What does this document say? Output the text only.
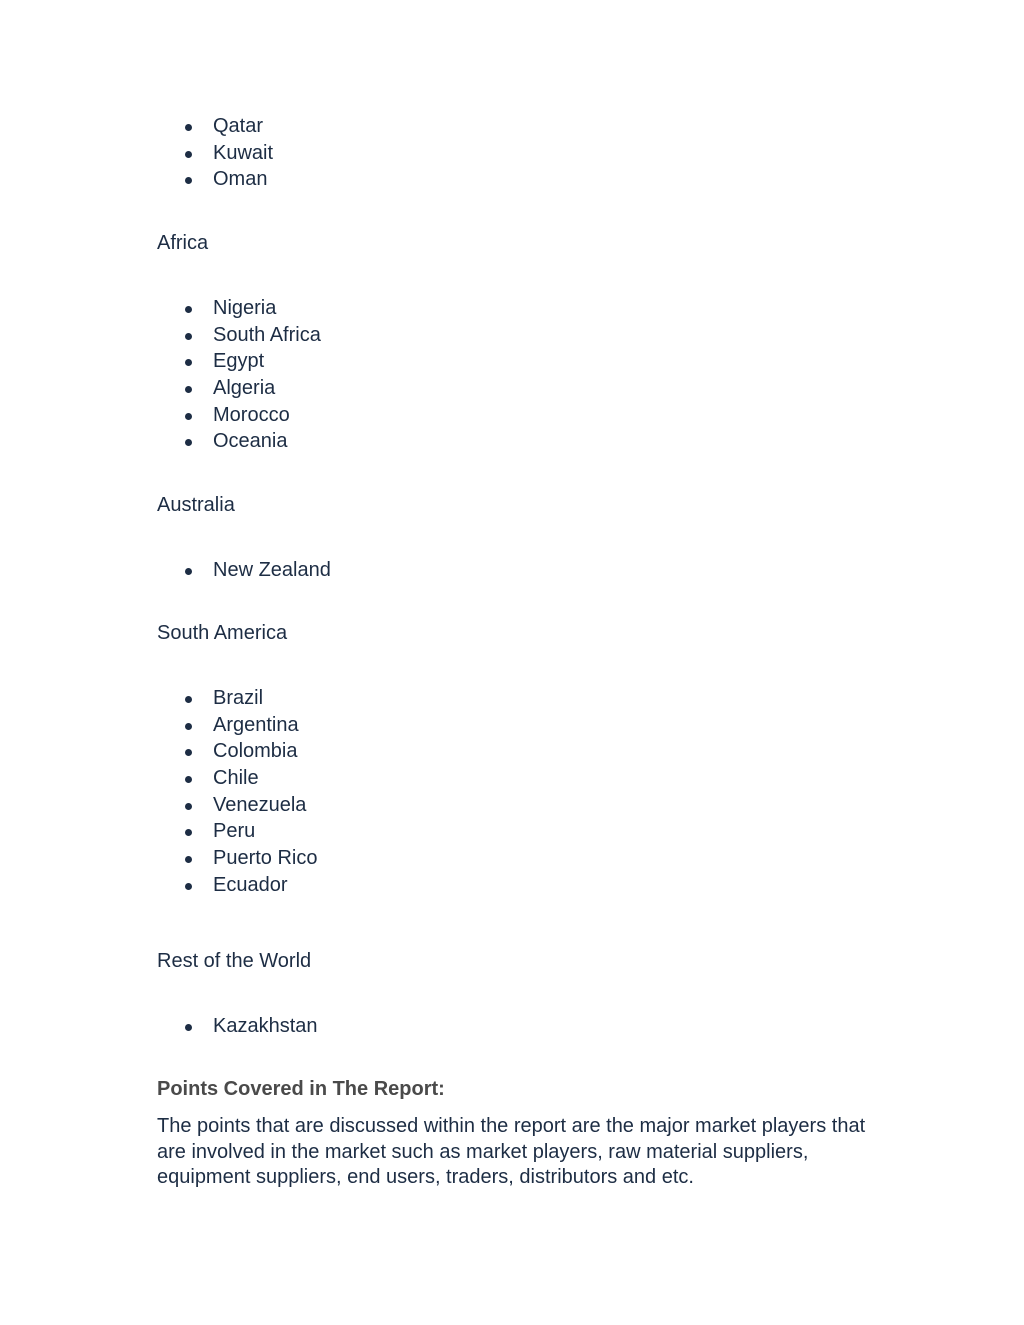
Qatar
Kuwait
Oman
Africa
Nigeria
South Africa
Egypt
Algeria
Morocco
Oceania
Australia
New Zealand
South America
Brazil
Argentina
Colombia
Chile
Venezuela
Peru
Puerto Rico
Ecuador
Rest of the World
Kazakhstan
Points Covered in The Report:

The points that are discussed within the report are the major market players that are involved in the market such as market players, raw material suppliers, equipment suppliers, end users, traders, distributors and etc.
